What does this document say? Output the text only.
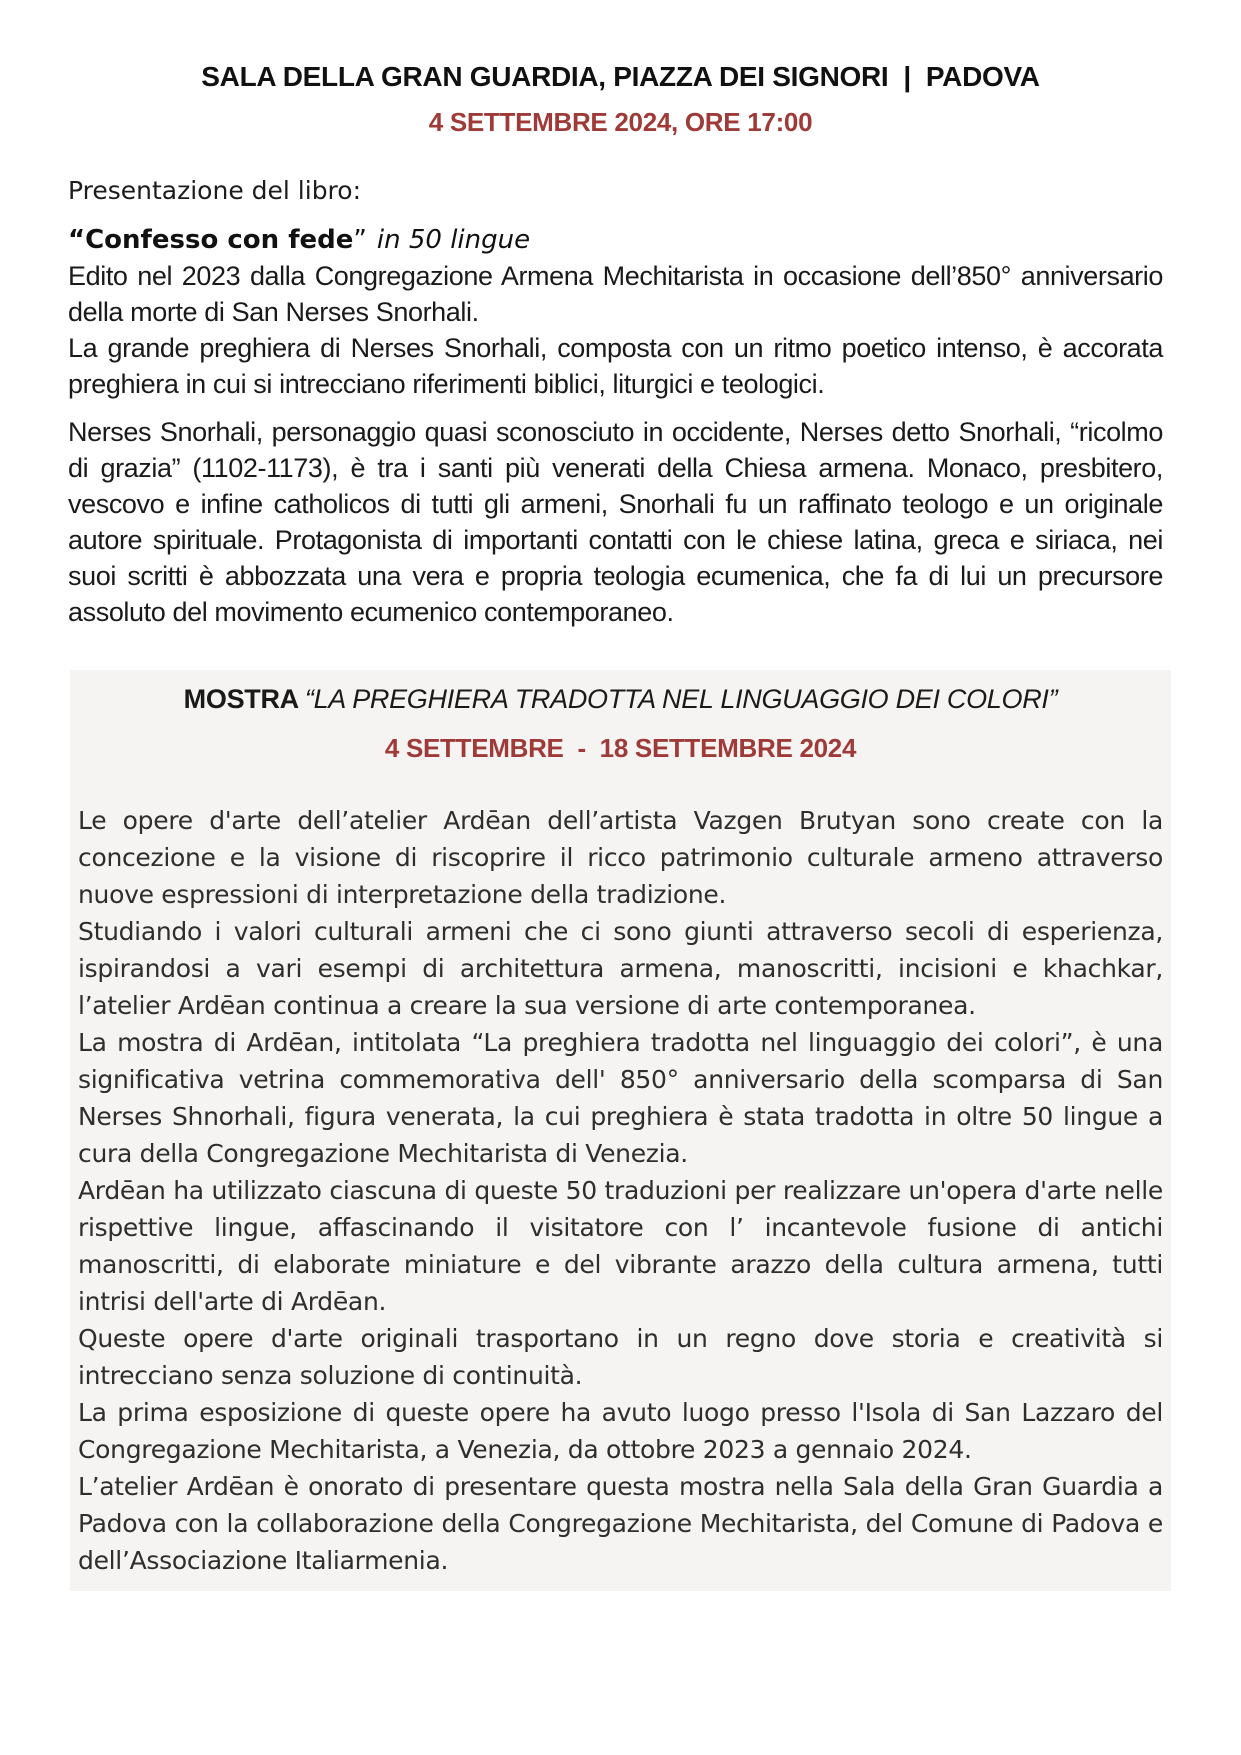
SALA DELLA GRAN GUARDIA, PIAZZA DEI SIGNORI  |  PADOVA
4 SETTEMBRE 2024, ORE 17:00
Presentazione del libro:
“Confesso con fede” in 50 lingue
Edito nel 2023 dalla Congregazione Armena Mechitarista in occasione dell’850° anniversario della morte di San Nerses Snorhali.
La grande preghiera di Nerses Snorhali, composta con un ritmo poetico intenso, è accorata preghiera in cui si intrecciano riferimenti biblici, liturgici e teologici.
Nerses Snorhali, personaggio quasi sconosciuto in occidente, Nerses detto Snorhali, “ricolmo di grazia” (1102-1173), è tra i santi più venerati della Chiesa armena. Monaco, presbitero, vescovo e infine catholicos di tutti gli armeni, Snorhali fu un raffinato teologo e un originale autore spirituale. Protagonista di importanti contatti con le chiese latina, greca e siriaca, nei suoi scritti è abbozzata una vera e propria teologia ecumenica, che fa di lui un precursore assoluto del movimento ecumenico contemporaneo.
MOSTRA “LA PREGHIERA TRADOTTA NEL LINGUAGGIO DEI COLORI”
4 SETTEMBRE  -  18 SETTEMBRE 2024

Le opere d'arte dell’atelier Ardēan dell’artista Vazgen Brutyan sono create con la concezione e la visione di riscoprire il ricco patrimonio culturale armeno attraverso nuove espressioni di interpretazione della tradizione.

Studiando i valori culturali armeni che ci sono giunti attraverso secoli di esperienza, ispirandosi a vari esempi di architettura armena, manoscritti, incisioni e khachkar, l’atelier Ardēan continua a creare la sua versione di arte contemporanea.

La mostra di Ardēan, intitolata “La preghiera tradotta nel linguaggio dei colori”, è una significativa vetrina commemorativa dell' 850° anniversario della scomparsa di San Nerses Shnorhali, figura venerata, la cui preghiera è stata tradotta in oltre 50 lingue a cura della Congregazione Mechitarista di Venezia.

Ardēan ha utilizzato ciascuna di queste 50 traduzioni per realizzare un'opera d'arte nelle rispettive lingue, affascinando il visitatore con l’ incantevole fusione di antichi manoscritti, di elaborate miniature e del vibrante arazzo della cultura armena, tutti intrisi dell'arte di Ardēan.

Queste opere d'arte originali trasportano in un regno dove storia e creatività si intrecciano senza soluzione di continuità.

La prima esposizione di queste opere ha avuto luogo presso l'Isola di San Lazzaro del Congregazione Mechitarista, a Venezia, da ottobre 2023 a gennaio 2024.

L’atelier Ardēan è onorato di presentare questa mostra nella Sala della Gran Guardia a Padova con la collaborazione della Congregazione Mechitarista, del Comune di Padova e dell’Associazione Italiarmenia.
